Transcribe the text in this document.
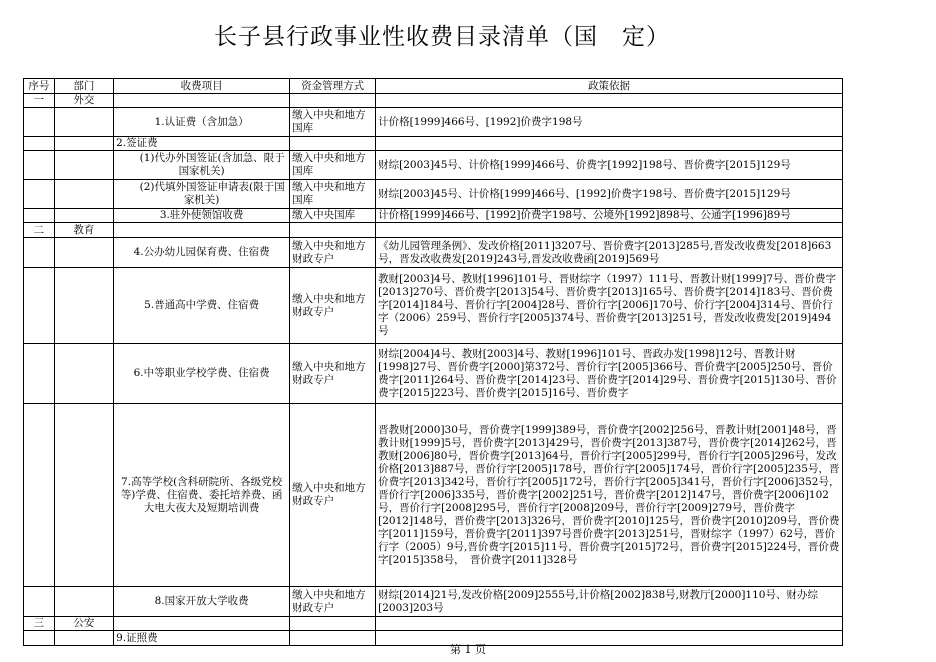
长子县行政事业性收费目录清单（国　定）
序号	部门	收费项目	资金管理方式	政策依据
一	外交			
		1.认证费（含加急）	缴入中央和地方国库	计价格[1999]466号、[1992]价费字198号
		2.签证费		
		　　(1)代办外国签证(含加急、限于国家机关)	缴入中央和地方国库	财综[2003]45号、计价格[1999]466号、价费字[1992]198号、晋价费字[2015]129号
		　　(2)代填外国签证申请表(限于国家机关)	缴入中央和地方国库	财综[2003]45号、计价格[1999]466号、[1992]价费字198号、晋价费字[2015]129号
		3.驻外使领馆收费	缴入中央国库	计价格[1999]466号、[1992]价费字198号、公境外[1992]898号、公通字[1996]89号
二	教育			
		4.公办幼儿园保育费、住宿费	缴入中央和地方财政专户	《幼儿园管理条例》、发改价格[2011]3207号、晋价费字[2013]285号,晋发改收费发[2018]663号，晋发改收费发[2019]243号,晋发改收费函[2019]569号
		5.普通高中学费、住宿费	缴入中央和地方财政专户	教财[2003]4号、教财[1996]101号、晋财综字（1997）111号、晋教计财[1999]7号、晋价费字[2013]270号、晋价费字[2013]54号、晋价费字[2013]165号、晋价费字[2014]183号、晋价费字[2014]184号、晋价行字[2004]28号、晋价行字[2006]170号、价行字[2004]314号、晋价行字（2006）259号、晋价行字[2005]374号、晋价费字[2013]251号，晋发改收费发[2019]494号
		6.中等职业学校学费、住宿费	缴入中央和地方财政专户	财综[2004]4号、教财[2003]4号、教财[1996]101号、晋政办发[1998]12号、晋教计财[1998]27号、晋价费字[2000]第372号、晋价行字[2005]366号、晋价费字[2005]250号、晋价费字[2011]264号、晋价费字[2014]23号、晋价费字[2014]29号、晋价费字[2015]130号、晋价费字[2015]223号、晋价费字[2015]16号、晋价费字
		7.高等学校(含科研院所、各级党校等)学费、住宿费、委托培养费、函大电大夜大及短期培训费	缴入中央和地方财政专户	晋教财[2000]30号，晋价费字[1999]389号，晋价费字[2002]256号，晋教计财[2001]48号，晋教计财[1999]5号，晋价费字[2013]429号，晋价费字[2013]387号，晋价费字[2014]262号，晋教财[2006]80号，晋价费字[2013]64号，晋价行字[2005]299号，晋价行字[2005]296号，发改价格[2013]887号，晋价行字[2005]178号，晋价行字[2005]174号，晋价行字[2005]235号，晋价费字[2013]342号，晋价行字[2005]172号，晋价行字[2005]341号，晋价行字[2006]352号，晋价行字[2006]335号，晋价费字[2002]251号，晋价费字[2012]147号，晋价费字[2006]102号，晋价行字[2008]295号，晋价行字[2008]209号，晋价行字[2009]279号，晋价费字[2012]148号，晋价费字[2013]326号，晋价费字[2010]125号，晋价费字[2010]209号，晋价费字[2011]159号，晋价费字[2011]397号晋价费字[2013]251号，晋财综字（1997）62号，晋价行字（2005）9号,晋价费字[2015]11号，晋价费字[2015]72号，晋价费字[2015]224号，晋价费字[2015]358号，　晋价费字[2011]328号
		8.国家开放大学收费	缴入中央和地方财政专户	财综[2014]21号,发改价格[2009]2555号,计价格[2002]838号,财教厅[2000]110号、财办综[2003]203号
三	公安			
		9.证照费		
第 1 页
